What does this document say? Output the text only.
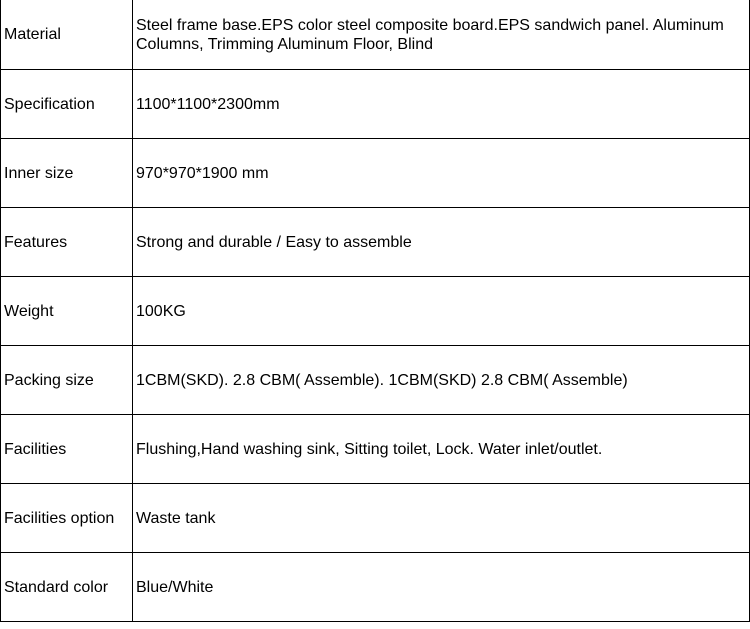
Material	Steel frame base.EPS color steel composite board.EPS sandwich panel. Aluminum Columns, Trimming Aluminum Floor, Blind
Specification	1100*1100*2300mm
Inner size	970*970*1900 mm
Features	Strong and durable / Easy to assemble
Weight	100KG
Packing size	1CBM(SKD). 2.8 CBM( Assemble). 1CBM(SKD) 2.8 CBM( Assemble)
Facilities	Flushing,Hand washing sink, Sitting toilet, Lock. Water inlet/outlet.
Facilities option	Waste tank
Standard color	Blue/White
